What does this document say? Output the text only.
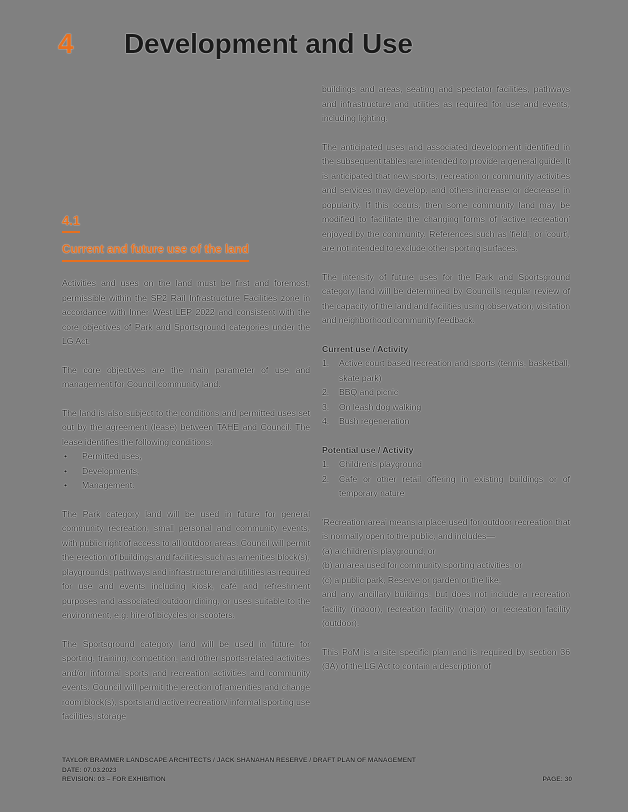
4 Development and Use
4.1
Current and future use of the land

Activities and uses on the land must be first and foremost, permissible within the SP2 Rail Infrastructure Facilities zone in accordance with Inner West LEP 2022 and consistent with the core objectives of Park and Sportsground categories under the LG Act.

The core objectives are the main parameter of use and management for Council community land.

The land is also subject to the conditions and permitted uses set out by the agreement (lease) between TAHE and Council. The lease identifies the following conditions:

• Permitted uses,
• Developments,
• Management.

The Park category land will be used in future for general community recreation, small personal and community events, with public right of access to all outdoor areas. Council will permit the erection of buildings and facilities such as amenities block(s), playgrounds, pathways and infrastructure and utilities as required for use and events including kiosk, café and refreshment purposes and associated outdoor dining, or uses suitable to the environment, e.g. hire of bicycles or scooters.

The Sportsground category land will be used in future for sporting, training, competition, and other sports-related activities and/or informal sports and recreation activities and community events. Council will permit the erection of amenities and change room block(s), sports and active recreation/ informal sporting use facilities, storage

buildings and areas, seating and spectator facilities, pathways and infrastructure and utilities as required for use and events, including lighting.

The anticipated uses and associated development identified in the subsequent tables are intended to provide a general guide. It is anticipated that new sports, recreation or community activities and services may develop, and others increase or decrease in popularity. If this occurs, then some community land may be modified to facilitate the changing forms of 'active recreation' enjoyed by the community. References such as 'field', or 'court', are not intended to exclude other sporting surfaces.

The intensity of future uses for the Park and Sportsground category land will be determined by Council's regular review of the capacity of the land and facilities using observation, visitation and neighborhood community feedback.

Current use / Activity
1. Active court based recreation and sports (tennis, basketball, skate park)
2. BBQ and picnic
3. On leash dog walking
4. Bush regeneration
Potential use / Activity
1. Children's playground
2. Cafe or other retail offering in existing buildings or of temporary nature

'Recreation area' means a place used for outdoor recreation that is normally open to the public, and includes—

(a) a children's playground, or
(b) an area used for community sporting activities, or
(c) a public park, Reserve or garden or the like,

and any ancillary buildings, but does not include a recreation facility (indoor), recreation facility (major) or recreation facility (outdoor).

This PoM is a site specific plan and is required by section 36 (3A) of the LG Act to contain a description of

TAYLOR BRAMMER LANDSCAPE ARCHITECTS / JACK SHANAHAN RESERVE / DRAFT PLAN OF MANAGEMENT
DATE: 07.03.2023
REVISION: 03 – FOR EXHIBITION	PAGE: 30
